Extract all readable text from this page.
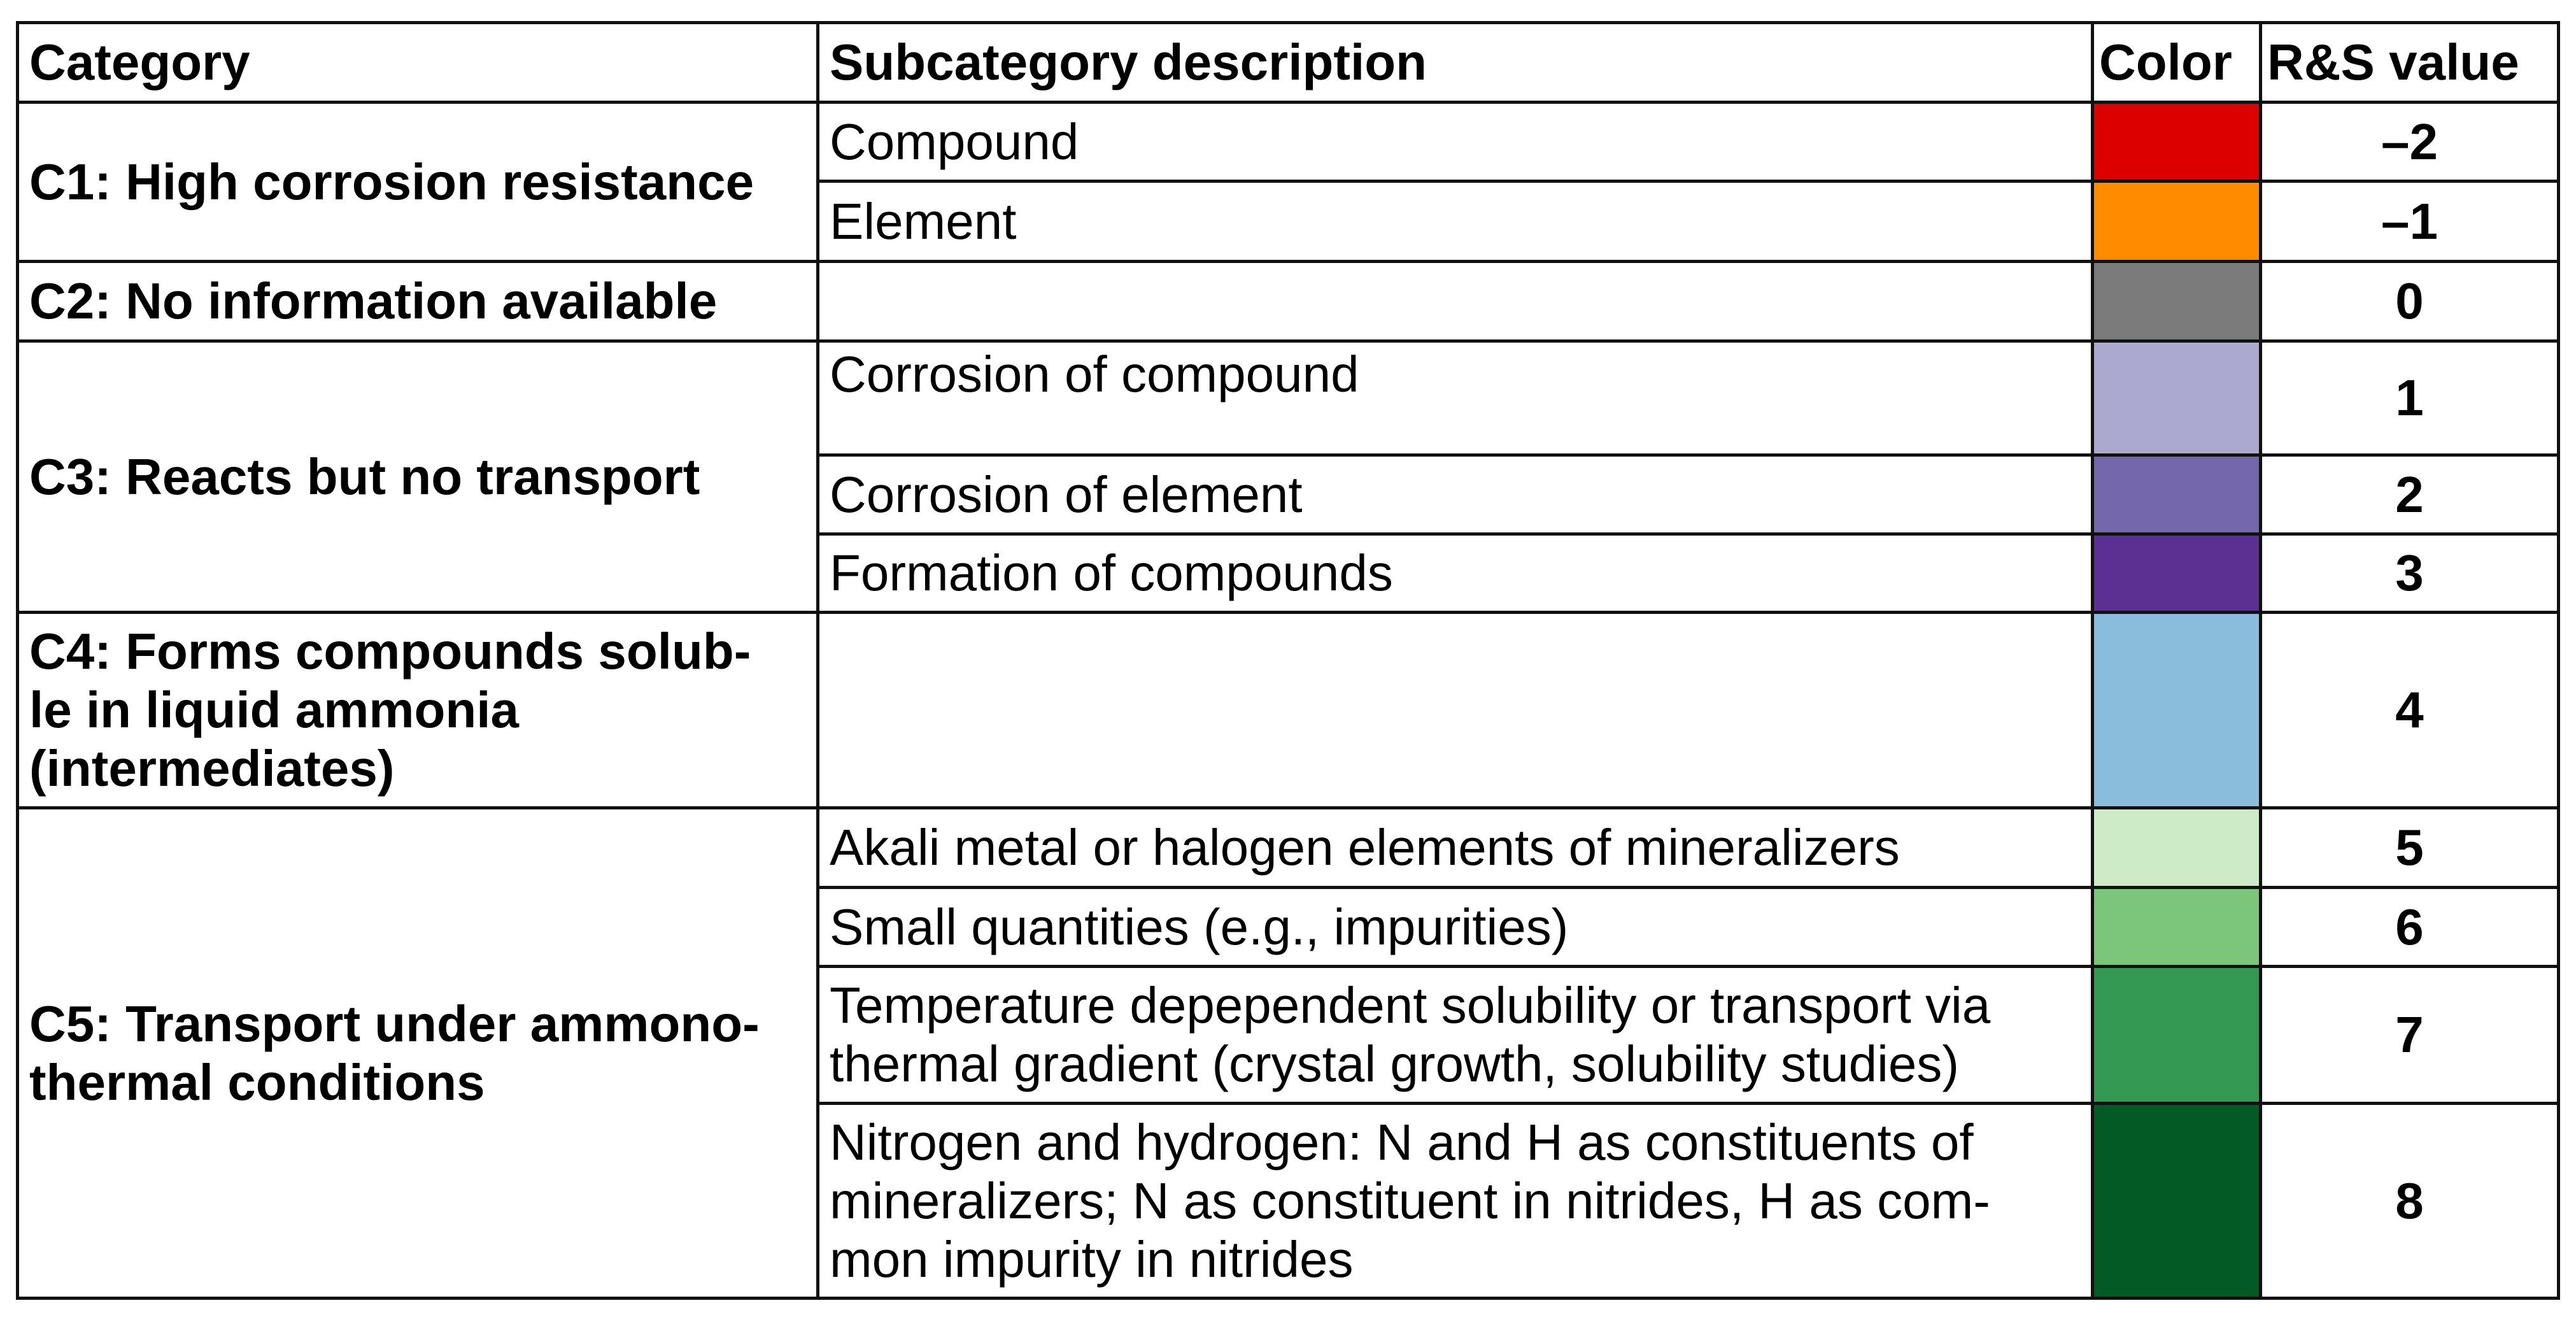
Category	Subcategory description	Color	R&S value
C1: High corrosion resistance	Compound		–2
	Element		–1
C2: No information available			0
C3: Reacts but no transport	Corrosion of compound		1
	Corrosion of element		2
	Formation of compounds		3

C4: Forms compounds solub-
le in liquid ammonia
(intermediates)			4

C5: Transport under ammono-
thermal conditions	Akali metal or halogen elements of mineralizers		5
	Small quantities (e.g., impurities)		6

	Temperature depependent solubility or transport via
thermal gradient (crystal growth, solubility studies)		7

	Nitrogen and hydrogen: N and H as constituents of
mineralizers; N as constituent in nitrides, H as com-
mon impurity in nitrides		8
